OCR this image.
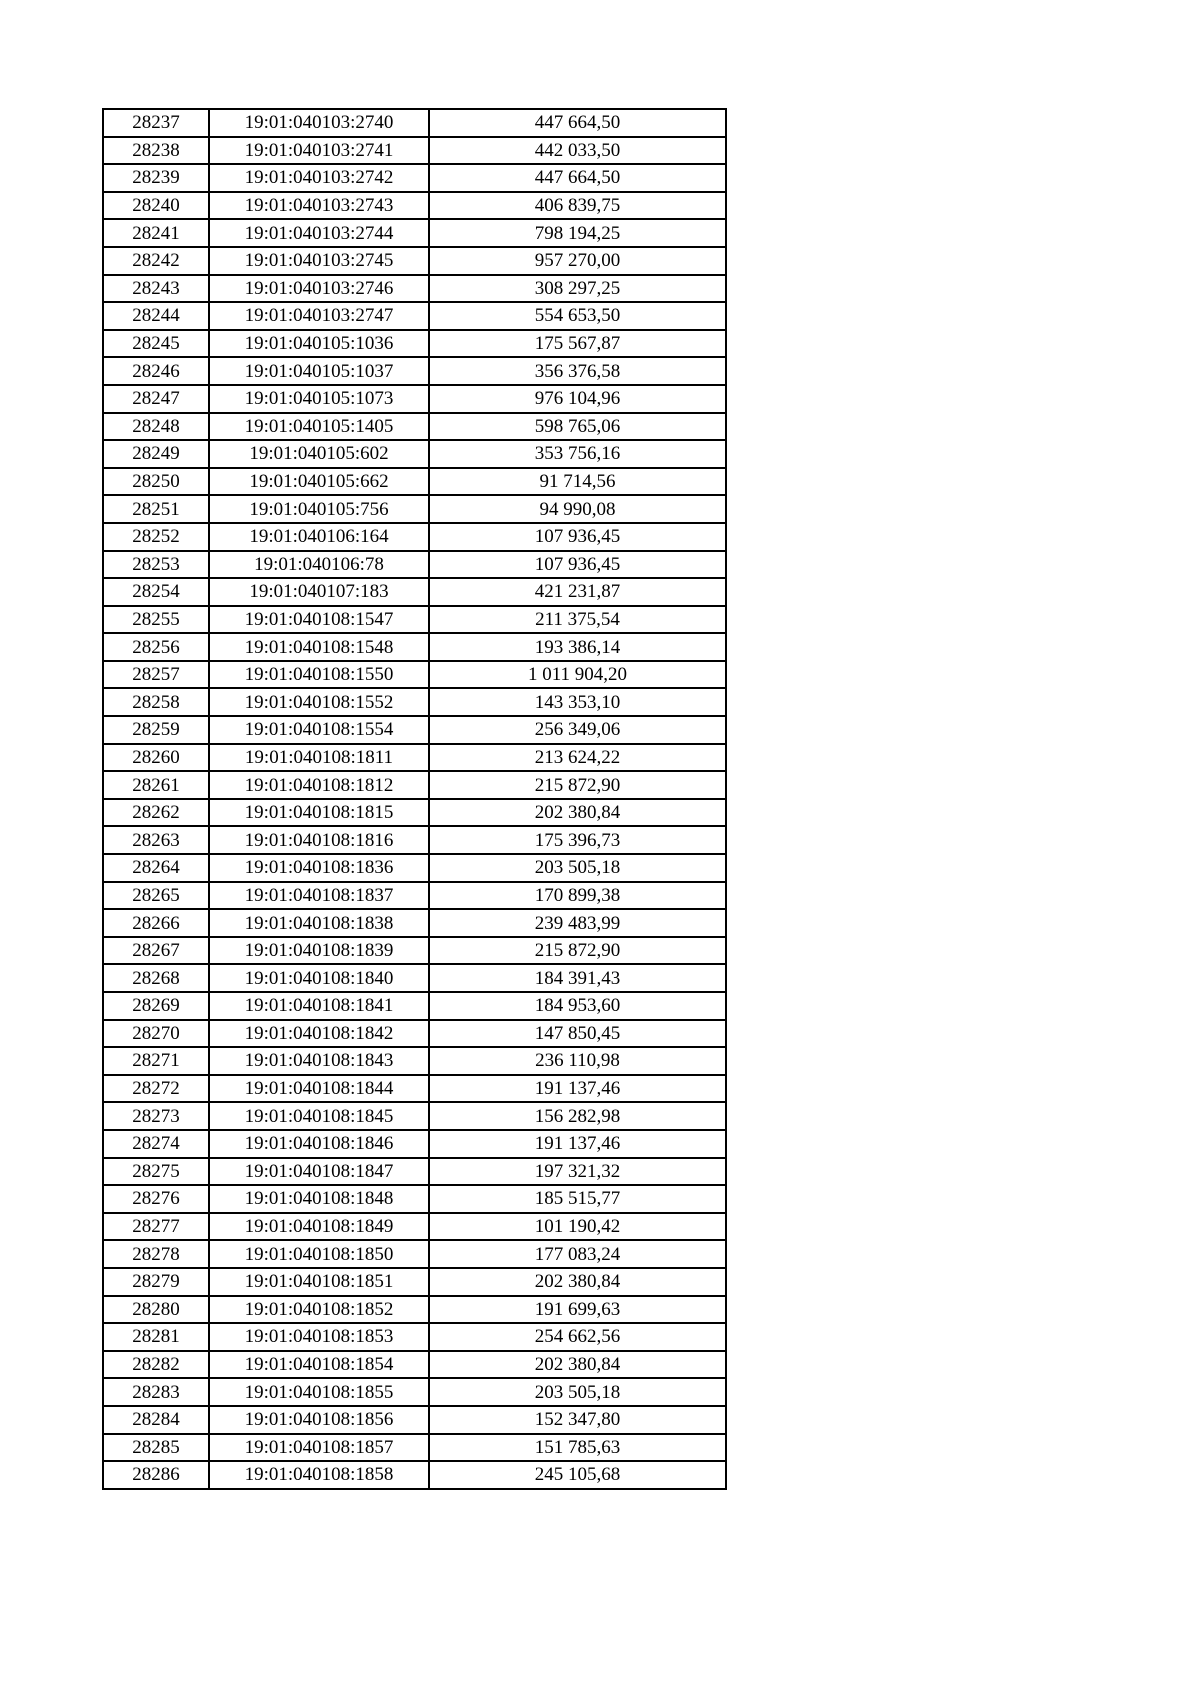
28237	19:01:040103:2740	447 664,50
28238	19:01:040103:2741	442 033,50
28239	19:01:040103:2742	447 664,50
28240	19:01:040103:2743	406 839,75
28241	19:01:040103:2744	798 194,25
28242	19:01:040103:2745	957 270,00
28243	19:01:040103:2746	308 297,25
28244	19:01:040103:2747	554 653,50
28245	19:01:040105:1036	175 567,87
28246	19:01:040105:1037	356 376,58
28247	19:01:040105:1073	976 104,96
28248	19:01:040105:1405	598 765,06
28249	19:01:040105:602	353 756,16
28250	19:01:040105:662	91 714,56
28251	19:01:040105:756	94 990,08
28252	19:01:040106:164	107 936,45
28253	19:01:040106:78	107 936,45
28254	19:01:040107:183	421 231,87
28255	19:01:040108:1547	211 375,54
28256	19:01:040108:1548	193 386,14
28257	19:01:040108:1550	1 011 904,20
28258	19:01:040108:1552	143 353,10
28259	19:01:040108:1554	256 349,06
28260	19:01:040108:1811	213 624,22
28261	19:01:040108:1812	215 872,90
28262	19:01:040108:1815	202 380,84
28263	19:01:040108:1816	175 396,73
28264	19:01:040108:1836	203 505,18
28265	19:01:040108:1837	170 899,38
28266	19:01:040108:1838	239 483,99
28267	19:01:040108:1839	215 872,90
28268	19:01:040108:1840	184 391,43
28269	19:01:040108:1841	184 953,60
28270	19:01:040108:1842	147 850,45
28271	19:01:040108:1843	236 110,98
28272	19:01:040108:1844	191 137,46
28273	19:01:040108:1845	156 282,98
28274	19:01:040108:1846	191 137,46
28275	19:01:040108:1847	197 321,32
28276	19:01:040108:1848	185 515,77
28277	19:01:040108:1849	101 190,42
28278	19:01:040108:1850	177 083,24
28279	19:01:040108:1851	202 380,84
28280	19:01:040108:1852	191 699,63
28281	19:01:040108:1853	254 662,56
28282	19:01:040108:1854	202 380,84
28283	19:01:040108:1855	203 505,18
28284	19:01:040108:1856	152 347,80
28285	19:01:040108:1857	151 785,63
28286	19:01:040108:1858	245 105,68
